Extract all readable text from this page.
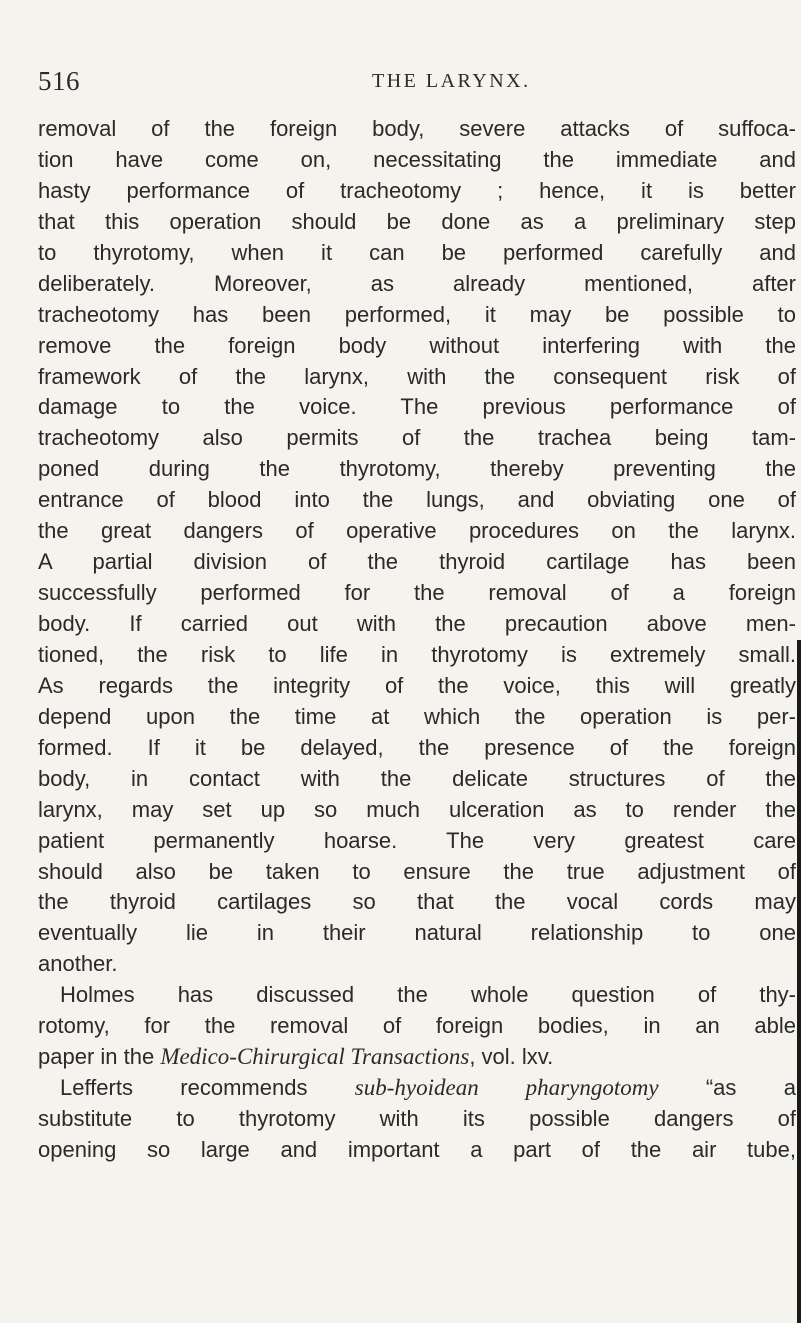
516	THE LARYNX.
removal of the foreign body, severe attacks of suffoca-
tion have come on, necessitating the immediate and
hasty performance of tracheotomy ; hence, it is better
that this operation should be done as a preliminary step
to thyrotomy, when it can be performed carefully and
deliberately. Moreover, as already mentioned, after
tracheotomy has been performed, it may be possible to
remove the foreign body without interfering with the
framework of the larynx, with the consequent risk of
damage to the voice. The previous performance of
tracheotomy also permits of the trachea being tam-
poned during the thyrotomy, thereby preventing the
entrance of blood into the lungs, and obviating one of
the great dangers of operative procedures on the larynx.
A partial division of the thyroid cartilage has been
successfully performed for the removal of a foreign
body. If carried out with the precaution above men-
tioned, the risk to life in thyrotomy is extremely small.
As regards the integrity of the voice, this will greatly
depend upon the time at which the operation is per-
formed. If it be delayed, the presence of the foreign
body, in contact with the delicate structures of the
larynx, may set up so much ulceration as to render the
patient permanently hoarse. The very greatest care
should also be taken to ensure the true adjustment of
the thyroid cartilages so that the vocal cords may
eventually lie in their natural relationship to one
another.
Holmes has discussed the whole question of thy-
rotomy, for the removal of foreign bodies, in an able
paper in the Medico-Chirurgical Transactions, vol. lxv.
Lefferts recommends sub-hyoidean pharyngotomy “as a
substitute to thyrotomy with its possible dangers of
opening so large and important a part of the air tube,
